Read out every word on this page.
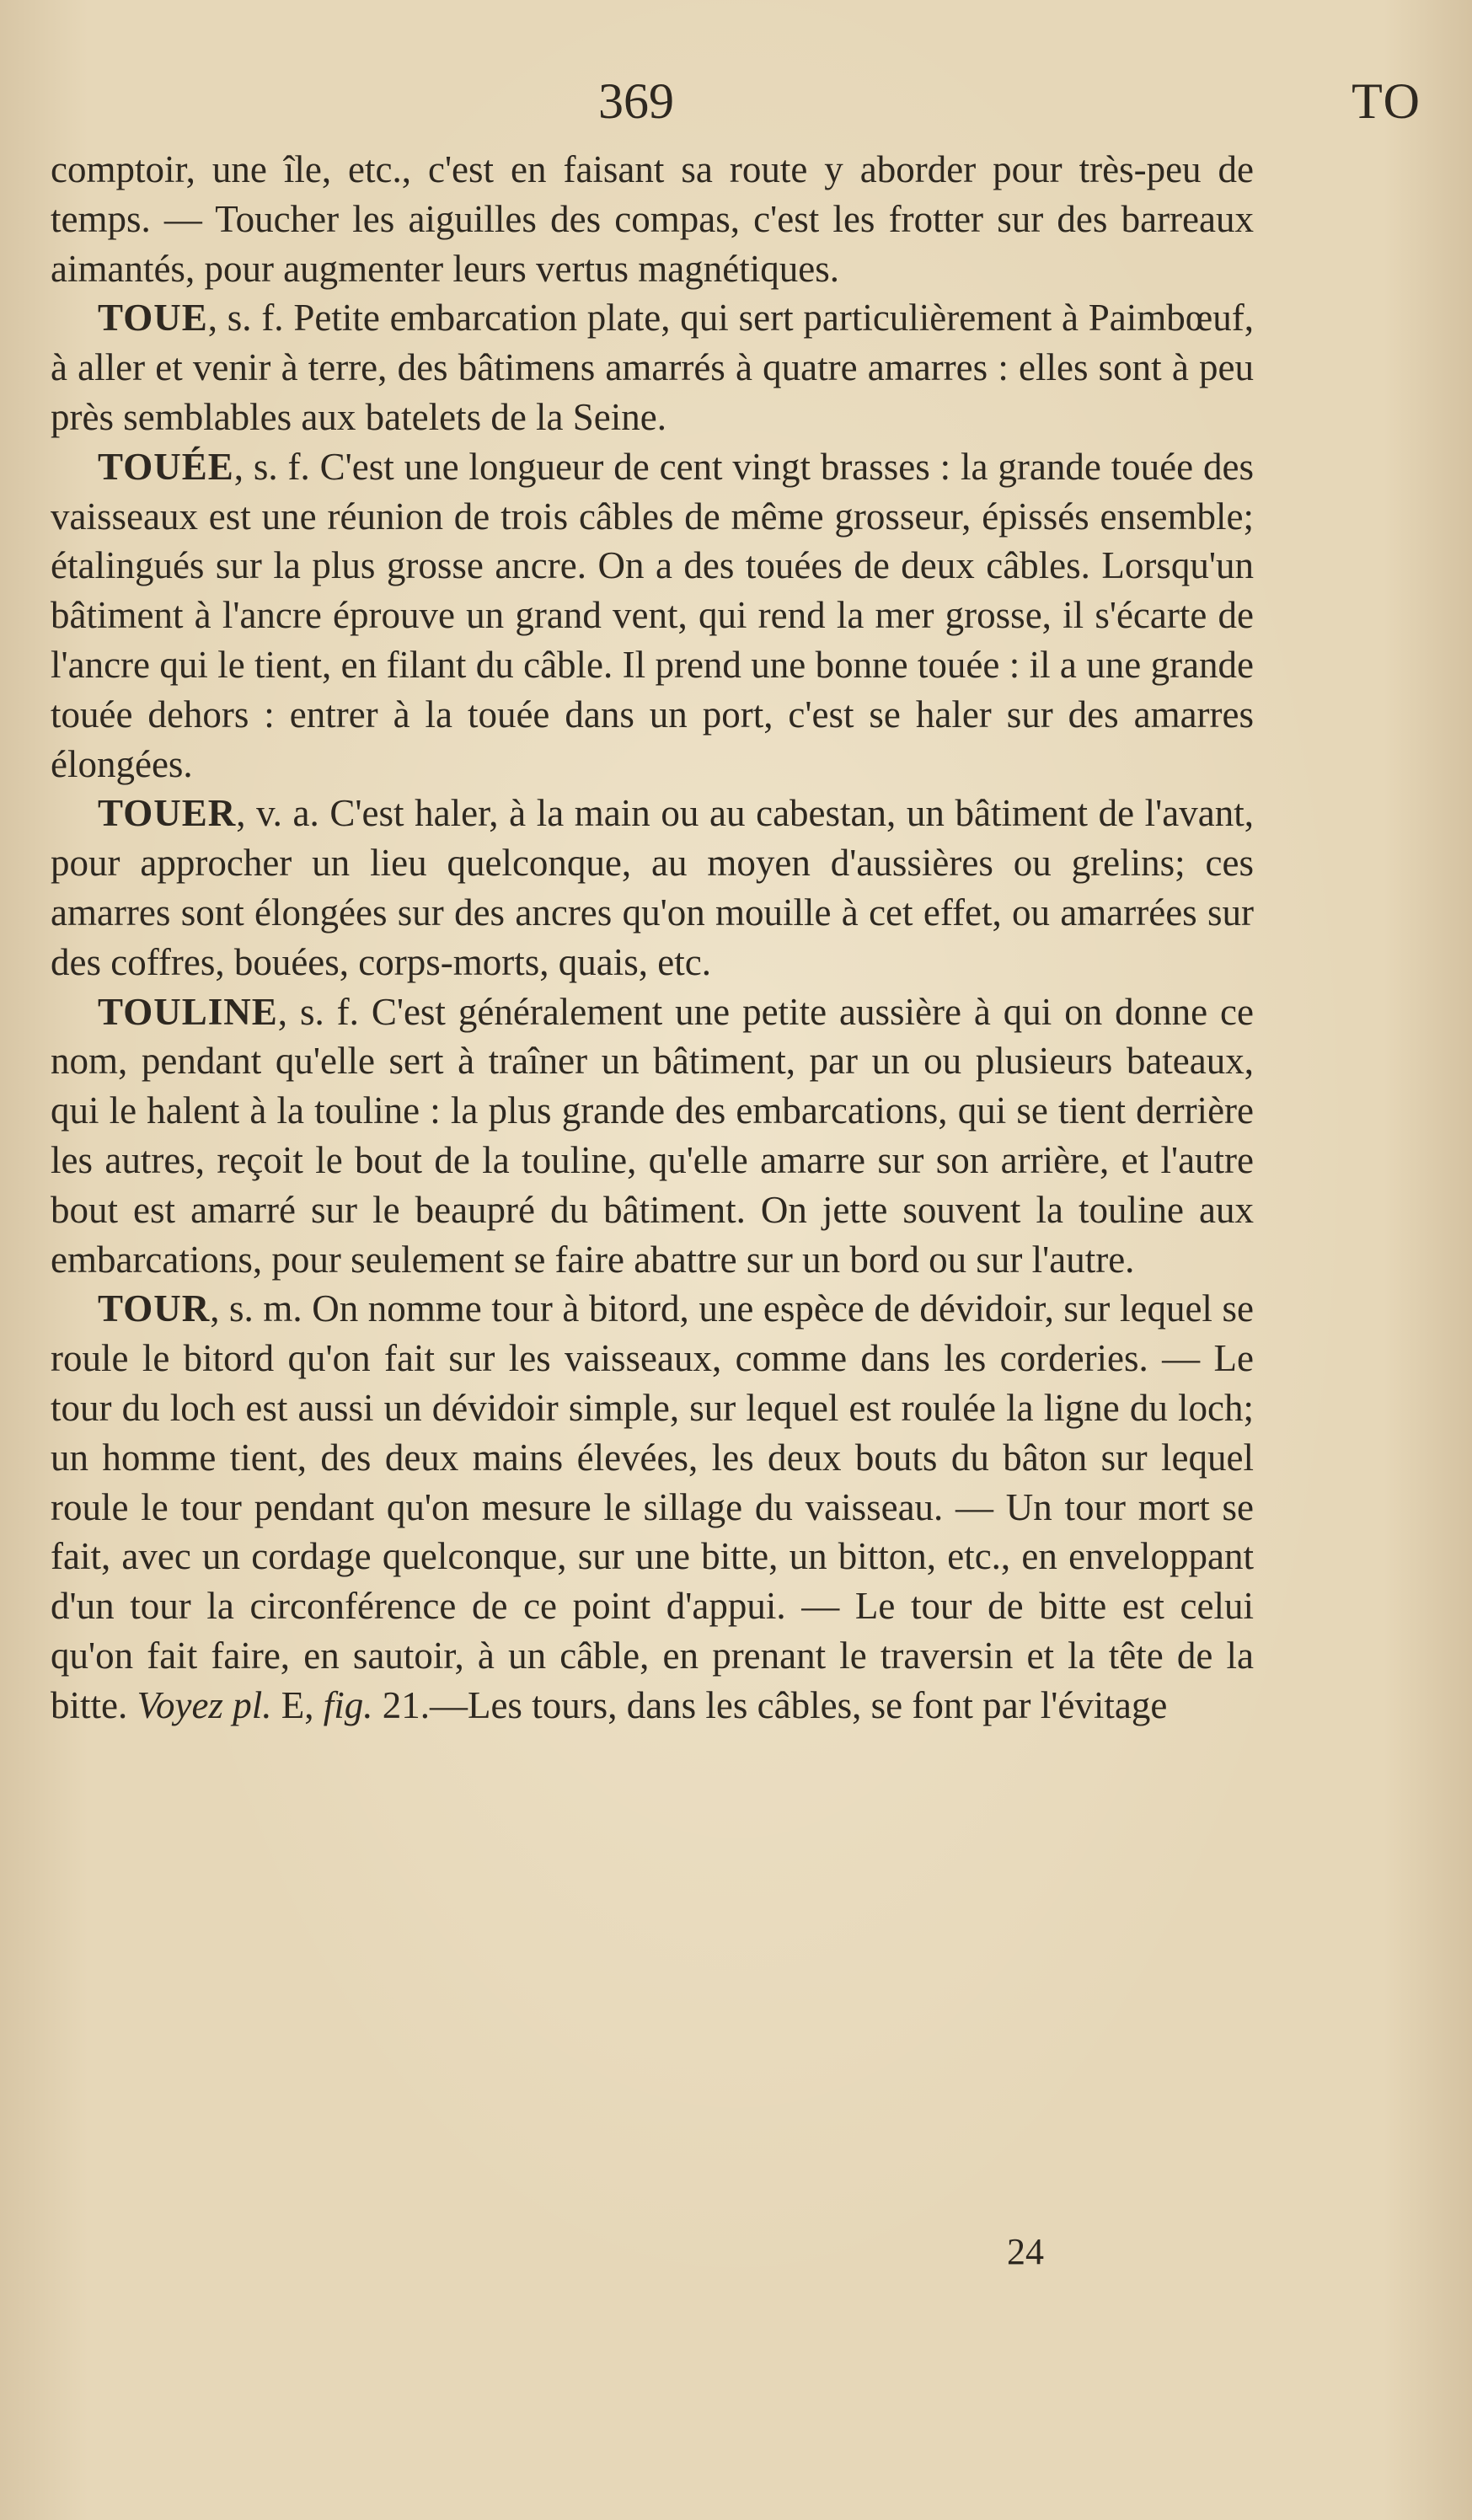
369	TO

comptoir, une île, etc., c'est en faisant sa route y aborder pour très-peu de temps. — Toucher les aiguilles des compas, c'est les frotter sur des barreaux aimantés, pour augmenter leurs vertus magnétiques.

TOUE, s. f. Petite embarcation plate, qui sert particulièrement à Paimbœuf, à aller et venir à terre, des bâtimens amarrés à quatre amarres : elles sont à peu près semblables aux batelets de la Seine.

TOUÉE, s. f. C'est une longueur de cent vingt brasses : la grande touée des vaisseaux est une réunion de trois câbles de même grosseur, épissés ensemble; étalingués sur la plus grosse ancre. On a des touées de deux câbles. Lorsqu'un bâtiment à l'ancre éprouve un grand vent, qui rend la mer grosse, il s'écarte de l'ancre qui le tient, en filant du câble. Il prend une bonne touée : il a une grande touée dehors : entrer à la touée dans un port, c'est se haler sur des amarres élongées.

TOUER, v. a. C'est haler, à la main ou au cabestan, un bâtiment de l'avant, pour approcher un lieu quelconque, au moyen d'aussières ou grelins; ces amarres sont élongées sur des ancres qu'on mouille à cet effet, ou amarrées sur des coffres, bouées, corps-morts, quais, etc.

TOULINE, s. f. C'est généralement une petite aussière à qui on donne ce nom, pendant qu'elle sert à traîner un bâtiment, par un ou plusieurs bateaux, qui le halent à la touline : la plus grande des embarcations, qui se tient derrière les autres, reçoit le bout de la touline, qu'elle amarre sur son arrière, et l'autre bout est amarré sur le beaupré du bâtiment. On jette souvent la touline aux embarcations, pour seulement se faire abattre sur un bord ou sur l'autre.

TOUR, s. m. On nomme tour à bitord, une espèce de dévidoir, sur lequel se roule le bitord qu'on fait sur les vaisseaux, comme dans les corderies. — Le tour du loch est aussi un dévidoir simple, sur lequel est roulée la ligne du loch; un homme tient, des deux mains élevées, les deux bouts du bâton sur lequel roule le tour pendant qu'on mesure le sillage du vaisseau. — Un tour mort se fait, avec un cordage quelconque, sur une bitte, un bitton, etc., en enveloppant d'un tour la circonférence de ce point d'appui. — Le tour de bitte est celui qu'on fait faire, en sautoir, à un câble, en prenant le traversin et la tête de la bitte. Voyez pl. E, fig. 21.—Les tours, dans les câbles, se font par l'évitage

24
